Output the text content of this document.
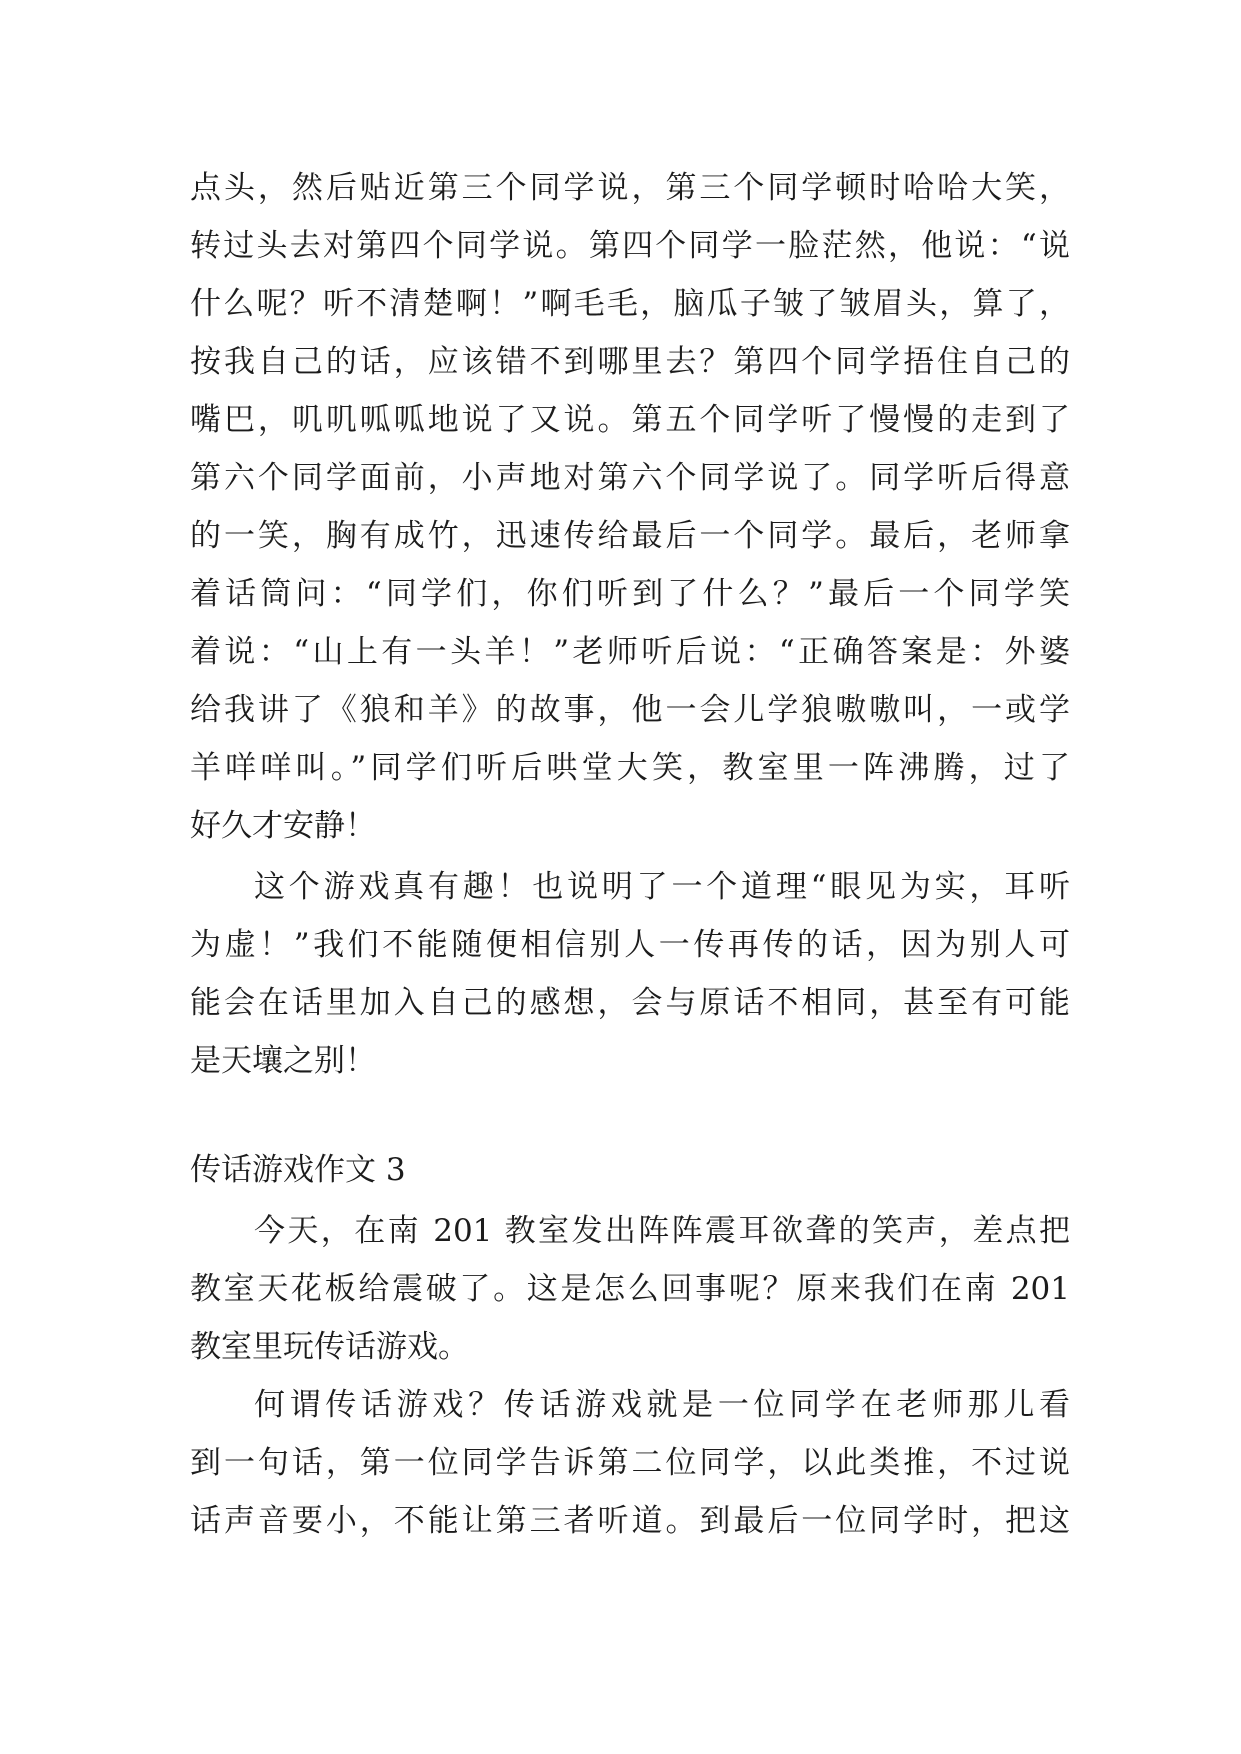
点头，然后贴近第三个同学说，第三个同学顿时哈哈大笑，
转过头去对第四个同学说。第四个同学一脸茫然，他说：“说
什么呢？听不清楚啊！”啊毛毛，脑瓜子皱了皱眉头，算了，
按我自己的话，应该错不到哪里去？第四个同学捂住自己的
嘴巴，叽叽呱呱地说了又说。第五个同学听了慢慢的走到了
第六个同学面前，小声地对第六个同学说了。同学听后得意
的一笑，胸有成竹，迅速传给最后一个同学。最后，老师拿
着话筒问：“同学们，你们听到了什么？”最后一个同学笑
着说：“山上有一头羊！”老师听后说：“正确答案是：外婆
给我讲了《狼和羊》的故事，他一会儿学狼嗷嗷叫，一或学
羊咩咩叫。”同学们听后哄堂大笑，教室里一阵沸腾，过了
好久才安静！
这个游戏真有趣！也说明了一个道理“眼见为实，耳听
为虚！”我们不能随便相信别人一传再传的话，因为别人可
能会在话里加入自己的感想，会与原话不相同，甚至有可能
是天壤之别！
传话游戏作文 3
今天，在南 201 教室发出阵阵震耳欲聋的笑声，差点把
教室天花板给震破了。这是怎么回事呢？原来我们在南 201
教室里玩传话游戏。
何谓传话游戏？传话游戏就是一位同学在老师那儿看
到一句话，第一位同学告诉第二位同学，以此类推，不过说
话声音要小，不能让第三者听道。到最后一位同学时，把这
